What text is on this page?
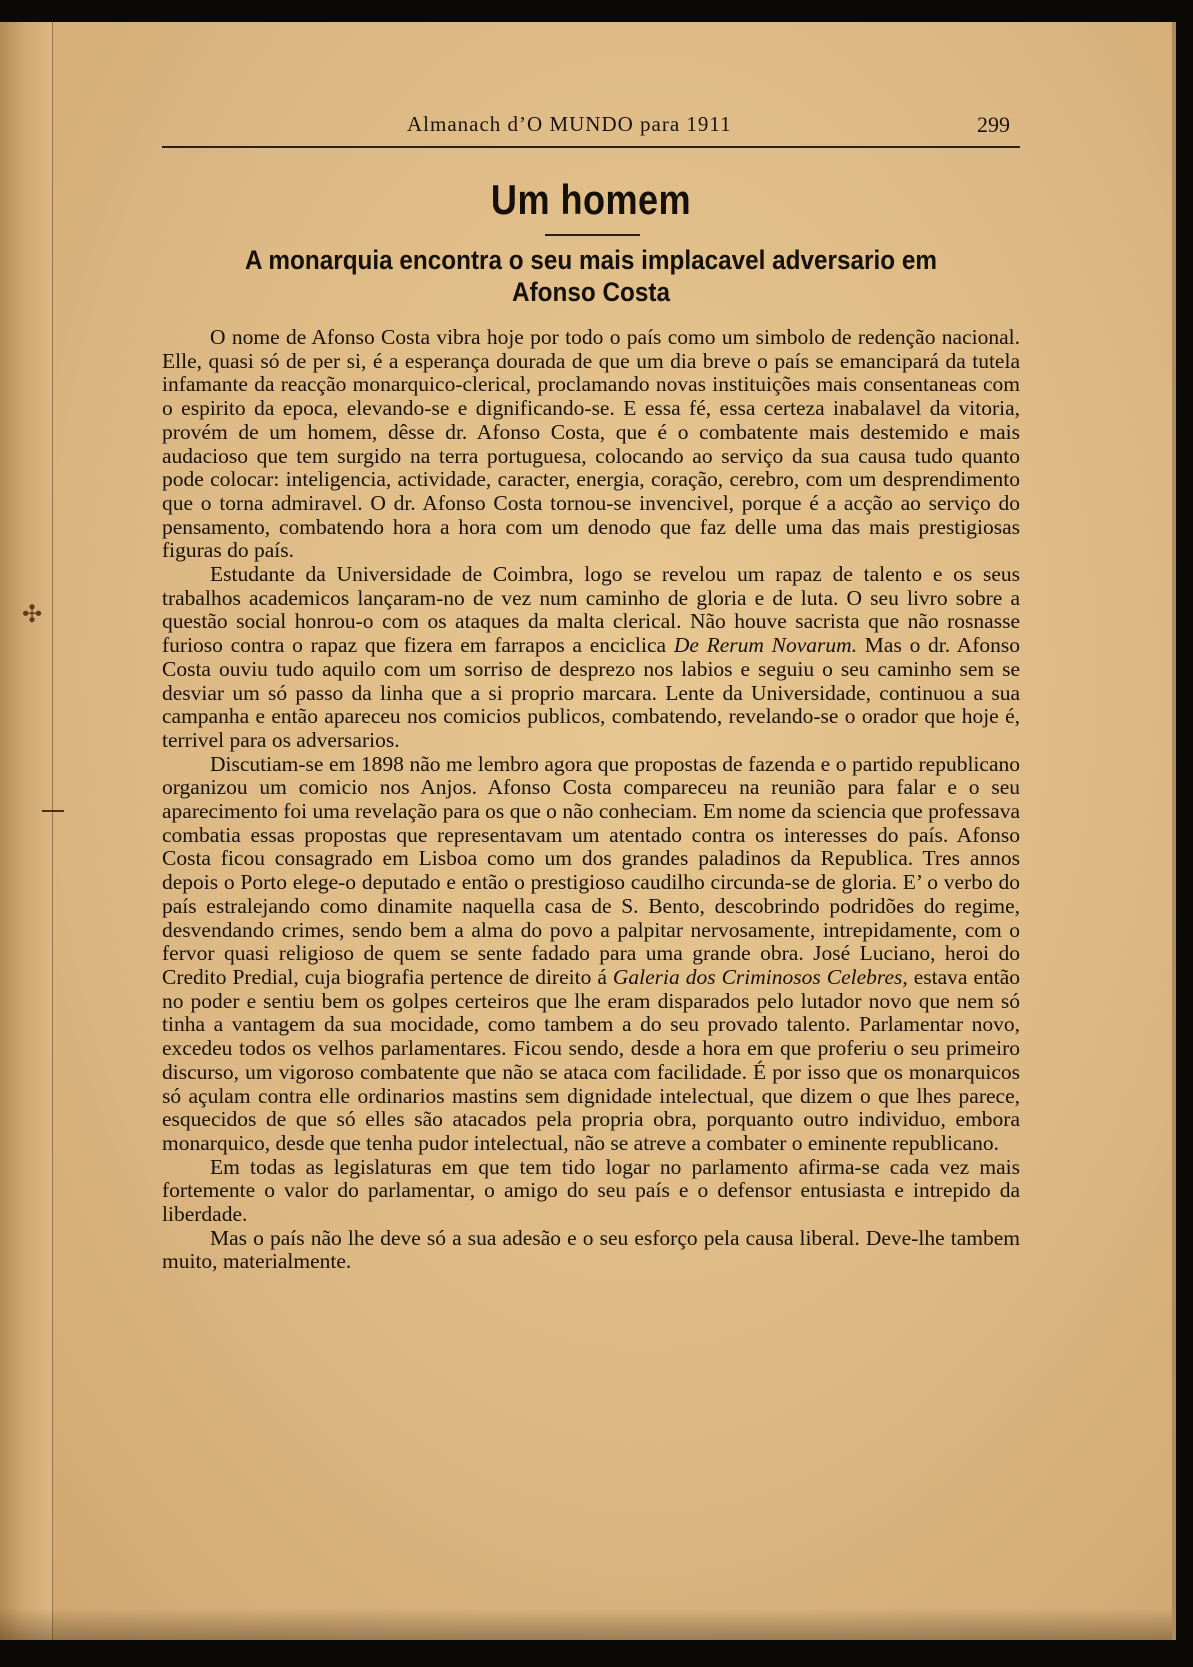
✣
Almanach d’O MUNDO para 1911	299
Um homem
A monarquia encontra o seu mais implacavel adversario em Afonso Costa

O nome de Afonso Costa vibra hoje por todo o país como um simbolo de redenção nacional. Elle, quasi só de per si, é a esperança dourada de que um dia breve o país se emancipará da tutela infamante da reacção monarquico-clerical, proclamando novas instituições mais consentaneas com o espirito da epoca, elevando-se e dignificando-se. E essa fé, essa certeza inabalavel da vitoria, provém de um homem, dêsse dr. Afonso Costa, que é o combatente mais destemido e mais audacioso que tem surgido na terra portuguesa, colocando ao serviço da sua causa tudo quanto pode colocar: inteligencia, actividade, caracter, energia, coração, cerebro, com um desprendimento que o torna admiravel. O dr. Afonso Costa tornou-se invencivel, porque é a acção ao serviço do pensamento, combatendo hora a hora com um denodo que faz delle uma das mais prestigiosas figuras do país.

Estudante da Universidade de Coimbra, logo se revelou um rapaz de talento e os seus trabalhos academicos lançaram-no de vez num caminho de gloria e de luta. O seu livro sobre a questão social honrou-o com os ataques da malta clerical. Não houve sacrista que não rosnasse furioso contra o rapaz que fizera em farrapos a enciclica De Rerum Novarum. Mas o dr. Afonso Costa ouviu tudo aquilo com um sorriso de desprezo nos labios e seguiu o seu caminho sem se desviar um só passo da linha que a si proprio marcara. Lente da Universidade, continuou a sua campanha e então apareceu nos comicios publicos, combatendo, revelando-se o orador que hoje é, terrivel para os adversarios.

Discutiam-se em 1898 não me lembro agora que propostas de fazenda e o partido republicano organizou um comicio nos Anjos. Afonso Costa compareceu na reunião para falar e o seu aparecimento foi uma revelação para os que o não conheciam. Em nome da sciencia que professava combatia essas propostas que representavam um atentado contra os interesses do país. Afonso Costa ficou consagrado em Lisboa como um dos grandes paladinos da Republica. Tres annos depois o Porto elege-o deputado e então o prestigioso caudilho circunda-se de gloria. E’ o verbo do país estralejando como dinamite naquella casa de S. Bento, descobrindo podridões do regime, desvendando crimes, sendo bem a alma do povo a palpitar nervosamente, intrepidamente, com o fervor quasi religioso de quem se sente fadado para uma grande obra. José Luciano, heroi do Credito Predial, cuja biografia pertence de direito á Galeria dos Criminosos Celebres, estava então no poder e sentiu bem os golpes certeiros que lhe eram disparados pelo lutador novo que nem só tinha a vantagem da sua mocidade, como tambem a do seu provado talento. Parlamentar novo, excedeu todos os velhos parlamentares. Ficou sendo, desde a hora em que proferiu o seu primeiro discurso, um vigoroso combatente que não se ataca com facilidade. É por isso que os monarquicos só açulam contra elle ordinarios mastins sem dignidade intelectual, que dizem o que lhes parece, esquecidos de que só elles são atacados pela propria obra, porquanto outro individuo, embora monarquico, desde que tenha pudor intelectual, não se atreve a combater o eminente republicano.

Em todas as legislaturas em que tem tido logar no parlamento afirma-se cada vez mais fortemente o valor do parlamentar, o amigo do seu país e o defensor entusiasta e intrepido da liberdade.

Mas o país não lhe deve só a sua adesão e o seu esforço pela causa liberal. Deve-lhe tambem muito, materialmente.
